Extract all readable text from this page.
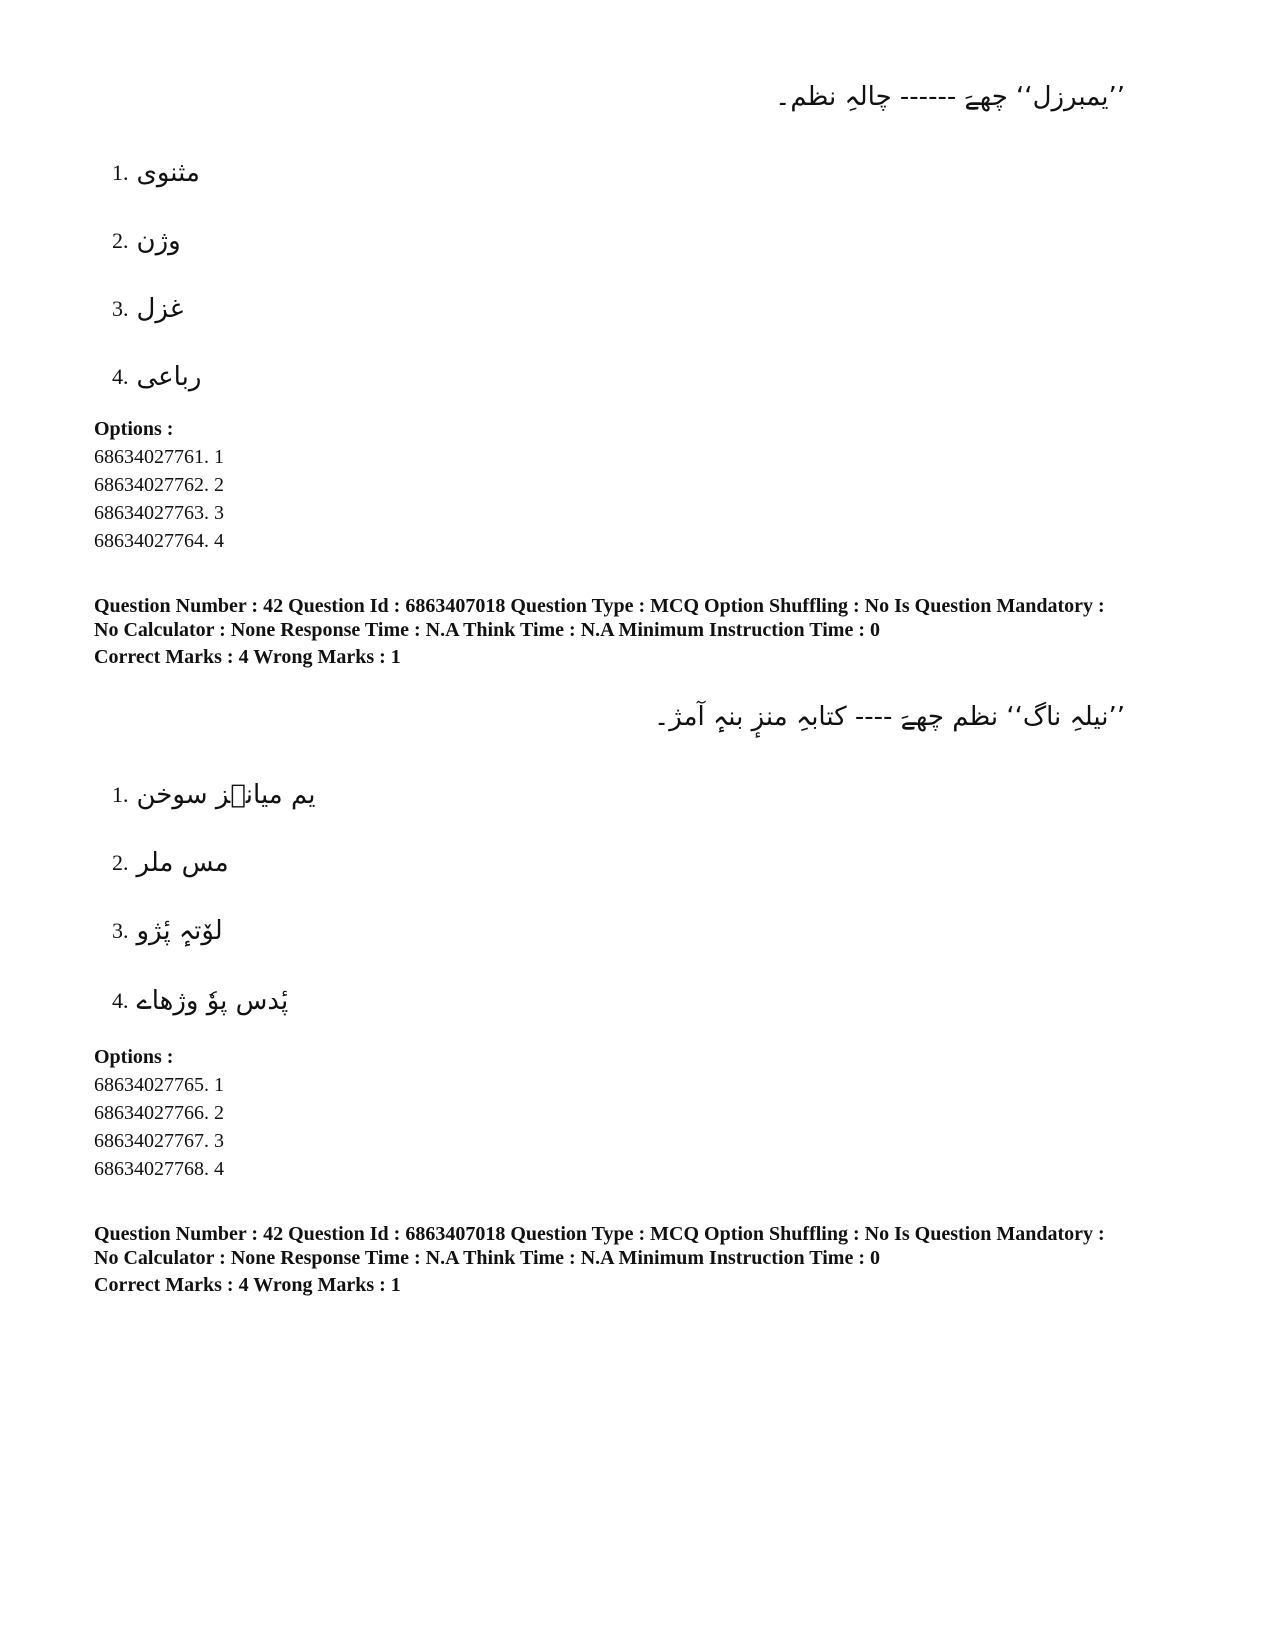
’’یمبرزل‘‘ چھےَ ------ چالہِ نظم۔
1. مثنوی
2. وژن
3. غزل
4. رباعی
Options :
68634027761. 1
68634027762. 2
68634027763. 3
68634027764. 4
Question Number : 42 Question Id : 6863407018 Question Type : MCQ Option Shuffling : No Is Question Mandatory :
No Calculator : None Response Time : N.A Think Time : N.A Minimum Instruction Time : 0
Correct Marks : 4 Wrong Marks : 1
’’نیلہِ ناگ‘‘ نظم چھےَ ---- کتابہِ منزٕ بنہٕ آمژ۔
1. یم میانٛز سوخن
2. مس ملر
3. لوٚتہٕ پٔژو
4. پٔدس پوٗ وژھاے
Options :
68634027765. 1
68634027766. 2
68634027767. 3
68634027768. 4
Question Number : 42 Question Id : 6863407018 Question Type : MCQ Option Shuffling : No Is Question Mandatory :
No Calculator : None Response Time : N.A Think Time : N.A Minimum Instruction Time : 0
Correct Marks : 4 Wrong Marks : 1
